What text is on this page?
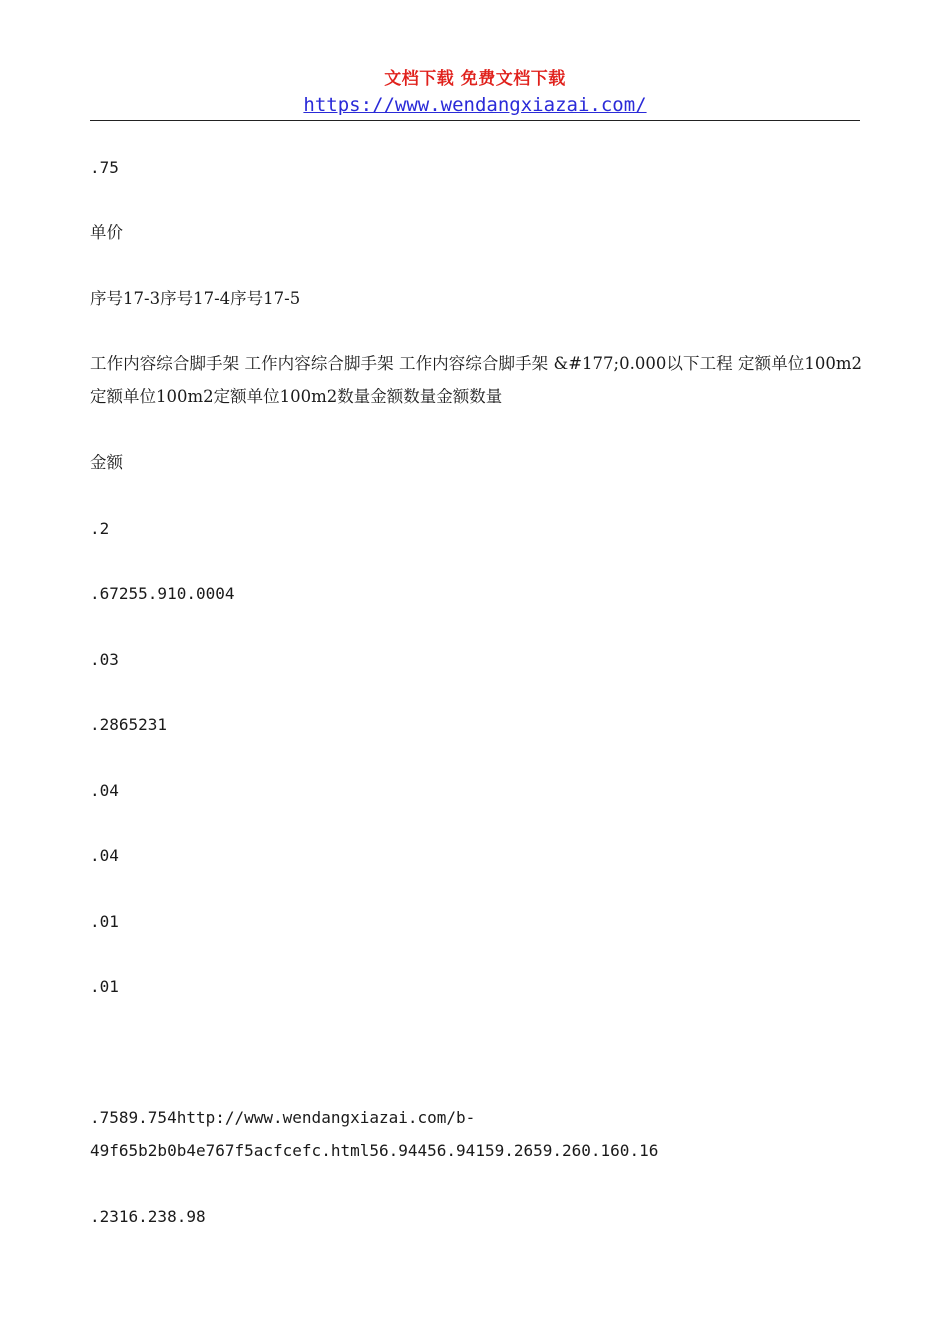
文档下载 免费文档下载
https://www.wendangxiazai.com/
.75
单价
序号17-3序号17-4序号17-5
工作内容综合脚手架 工作内容综合脚手架 工作内容综合脚手架 &#177;0.000以下工程 定额单位100m2定额单位100m2定额单位100m2数量金额数量金额数量
金额
.2
.67255.910.0004
.03
.2865231
.04
.04
.01
.01
.7589.754http://www.wendangxiazai.com/b-
49f65b2b0b4e767f5acfcefc.html56.94456.94159.2659.260.160.16
.2316.238.98
